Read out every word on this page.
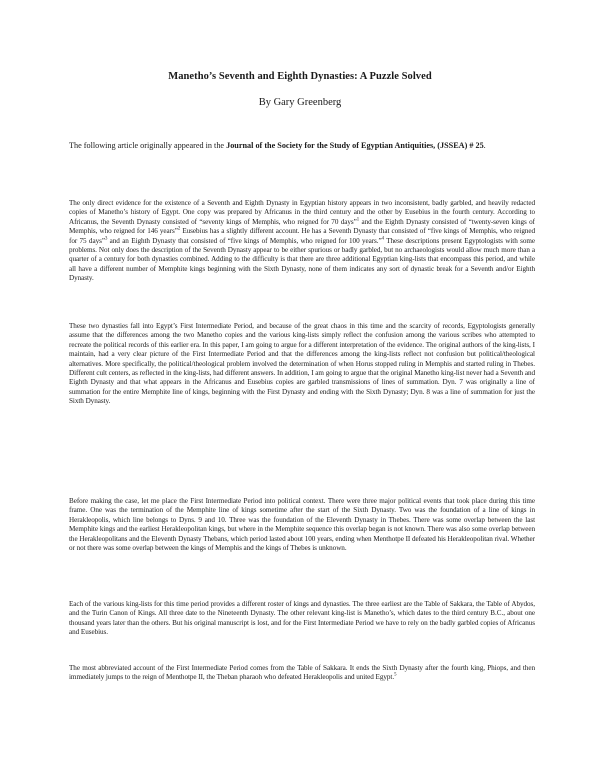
Manetho’s Seventh and Eighth Dynasties: A Puzzle Solved
By Gary Greenberg
The following article originally appeared in the Journal of the Society for the Study of Egyptian Antiquities, (JSSEA) # 25.
The only direct evidence for the existence of a Seventh and Eighth Dynasty in Egyptian history appears in two inconsistent, badly garbled, and heavily redacted copies of Manetho’s history of Egypt. One copy was prepared by Africanus in the third century and the other by Eusebius in the fourth century. According to Africanus, the Seventh Dynasty consisted of “seventy kings of Memphis, who reigned for 70 days”$^1$ and the Eighth Dynasty consisted of “twenty-seven kings of Memphis, who reigned for 146 years”$^2$ Eusebius has a slightly different account. He has a Seventh Dynasty that consisted of “five kings of Memphis, who reigned for 75 days”$^3$ and an Eighth Dynasty that consisted of “five kings of Memphis, who reigned for 100 years.”$^4$ These descriptions present Egyptologists with some problems. Not only does the description of the Seventh Dynasty appear to be either spurious or badly garbled, but no archaeologists would allow much more than a quarter of a century for both dynasties combined. Adding to the difficulty is that there are three additional Egyptian king-lists that encompass this period, and while all have a different number of Memphite kings beginning with the Sixth Dynasty, none of them indicates any sort of dynastic break for a Seventh and/or Eighth Dynasty.
These two dynasties fall into Egypt’s First Intermediate Period, and because of the great chaos in this time and the scarcity of records, Egyptologists generally assume that the differences among the two Manetho copies and the various king-lists simply reflect the confusion among the various scribes who attempted to recreate the political records of this earlier era. In this paper, I am going to argue for a different interpretation of the evidence. The original authors of the king-lists, I maintain, had a very clear picture of the First Intermediate Period and that the differences among the king-lists reflect not confusion but political/theological alternatives. More specifically, the political/theological problem involved the determination of when Horus stopped ruling in Memphis and started ruling in Thebes. Different cult centers, as reflected in the king-lists, had different answers. In addition, I am going to argue that the original Manetho king-list never had a Seventh and Eighth Dynasty and that what appears in the Africanus and Eusebius copies are garbled transmissions of lines of summation. Dyn. 7 was originally a line of summation for the entire Memphite line of kings, beginning with the First Dynasty and ending with the Sixth Dynasty; Dyn. 8 was a line of summation for just the Sixth Dynasty.
Before making the case, let me place the First Intermediate Period into political context. There were three major political events that took place during this time frame. One was the termination of the Memphite line of kings sometime after the start of the Sixth Dynasty. Two was the foundation of a line of kings in Herakleopolis, which line belongs to Dyns. 9 and 10. Three was the foundation of the Eleventh Dynasty in Thebes. There was some overlap between the last Memphite kings and the earliest Herakleopolitan kings, but where in the Memphite sequence this overlap began is not known. There was also some overlap between the Herakleopolitans and the Eleventh Dynasty Thebans, which period lasted about 100 years, ending when Menthotpe II defeated his Herakleopolitan rival. Whether or not there was some overlap between the kings of Memphis and the kings of Thebes is unknown.
Each of the various king-lists for this time period provides a different roster of kings and dynasties. The three earliest are the Table of Sakkara, the Table of Abydos, and the Turin Canon of Kings. All three date to the Nineteenth Dynasty. The other relevant king-list is Manetho’s, which dates to the third century B.C., about one thousand years later than the others. But his original manuscript is lost, and for the First Intermediate Period we have to rely on the badly garbled copies of Africanus and Eusebius.
The most abbreviated account of the First Intermediate Period comes from the Table of Sakkara. It ends the Sixth Dynasty after the fourth king, Phiops, and then immediately jumps to the reign of Menthotpe II, the Theban pharaoh who defeated Herakleopolis and united Egypt.$^5$
